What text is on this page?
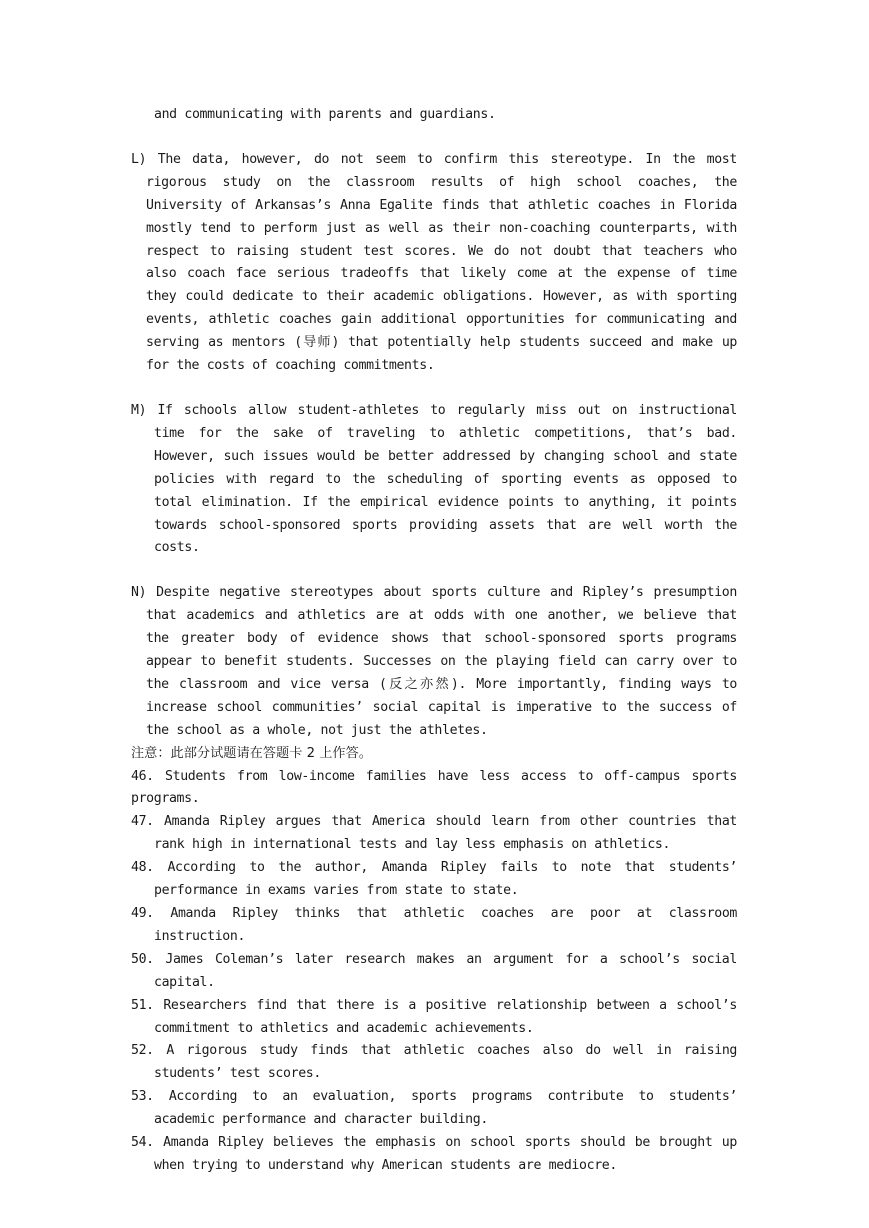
and communicating with parents and guardians.

L) The data, however, do not seem to confirm this stereotype. In the most rigorous study on the classroom results of high school coaches, the University of Arkansas’s Anna Egalite finds that athletic coaches in Florida mostly tend to perform just as well as their non-coaching counterparts, with respect to raising student test scores. We do not doubt that teachers who also coach face serious tradeoffs that likely come at the expense of time they could dedicate to their academic obligations. However, as with sporting events, athletic coaches gain additional opportunities for communicating and serving as mentors (导师) that potentially help students succeed and make up for the costs of coaching commitments.

M) If schools allow student-athletes to regularly miss out on instructional time for the sake of traveling to athletic competitions, that’s bad. However, such issues would be better addressed by changing school and state policies with regard to the scheduling of sporting events as opposed to total elimination. If the empirical evidence points to anything, it points towards school-sponsored sports providing assets that are well worth the costs.

N) Despite negative stereotypes about sports culture and Ripley’s presumption that academics and athletics are at odds with one another, we believe that the greater body of evidence shows that school-sponsored sports programs appear to benefit students. Successes on the playing field can carry over to the classroom and vice versa (反之亦然). More importantly, finding ways to increase school communities’ social capital is imperative to the success of the school as a whole, not just the athletes.

注意：此部分试题请在答题卡 2 上作答。

46. Students from low-income families have less access to off-campus sports programs.

47. Amanda Ripley argues that America should learn from other countries that rank high in international tests and lay less emphasis on athletics.

48. According to the author, Amanda Ripley fails to note that students’ performance in exams varies from state to state.

49. Amanda Ripley thinks that athletic coaches are poor at classroom instruction.

50. James Coleman’s later research makes an argument for a school’s social capital.

51. Researchers find that there is a positive relationship between a school’s commitment to athletics and academic achievements.

52. A rigorous study finds that athletic coaches also do well in raising students’ test scores.

53. According to an evaluation, sports programs contribute to students’ academic performance and character building.

54. Amanda Ripley believes the emphasis on school sports should be brought up when trying to understand why American students are mediocre.
